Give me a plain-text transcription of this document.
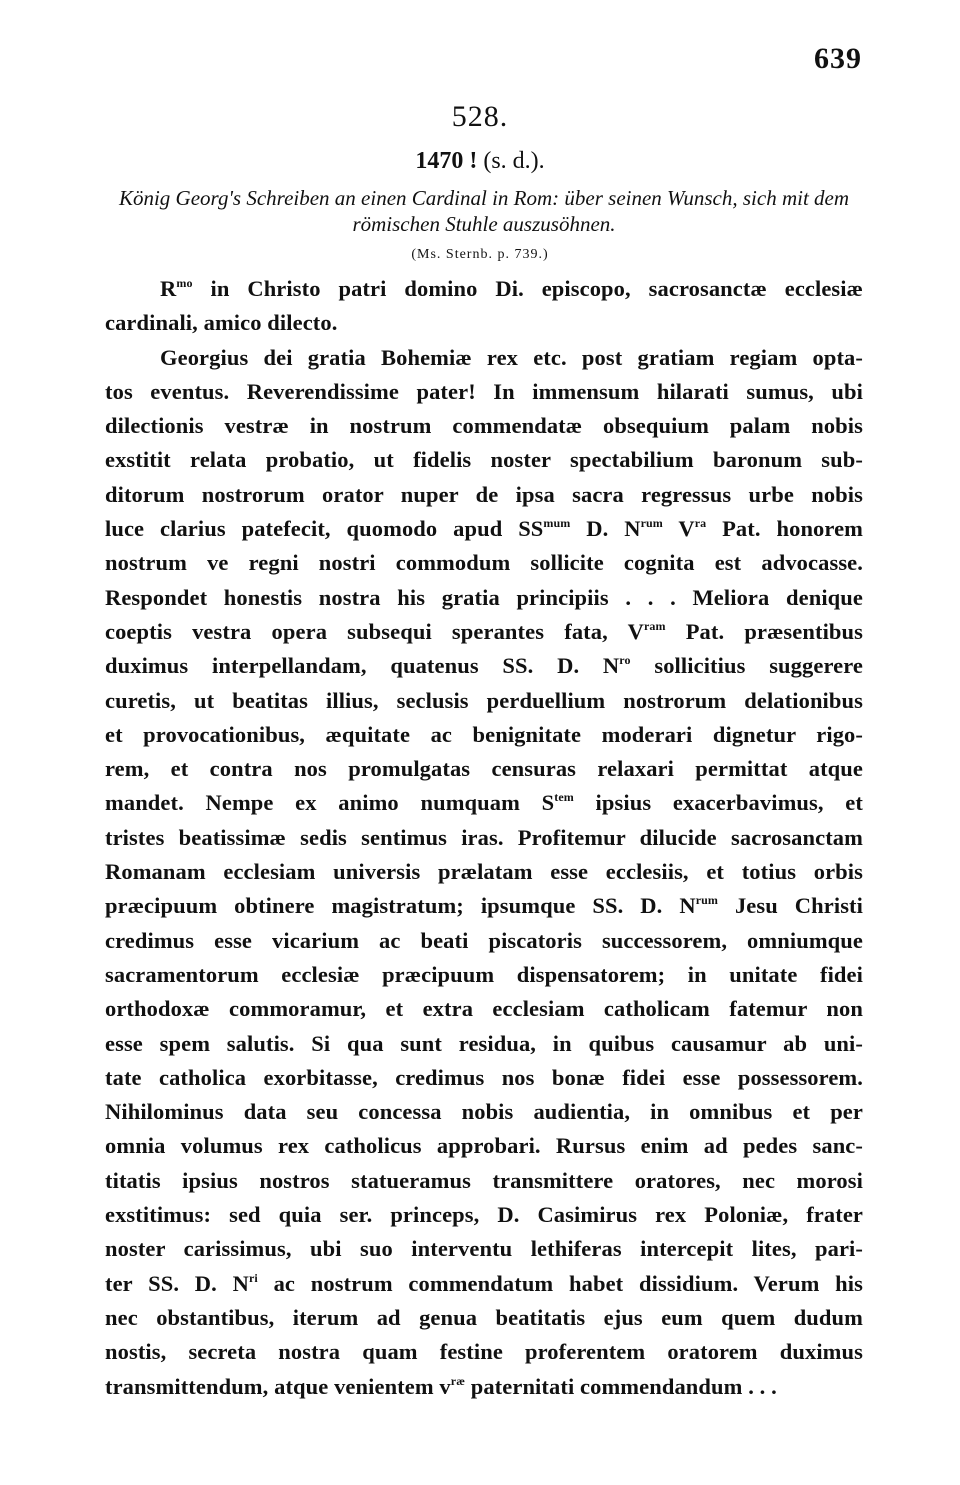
639
528.
1470 ! (s. d.).
König Georg's Schreiben an einen Cardinal in Rom: über seinen Wunsch, sich mit dem römischen Stuhle auszusöhnen.
(Ms. Sternb. p. 739.)
$R^{mo}$ in Christo patri domino Di. episcopo, sacrosanctæ ecclesiæ
cardinali, amico dilecto.
Georgius dei gratia Bohemiæ rex etc. post gratiam regiam opta-
tos eventus. Reverendissime pater! In immensum hilarati sumus, ubi
dilectionis vestræ in nostrum commendatæ obsequium palam nobis
exstitit relata probatio, ut fidelis noster spectabilium baronum sub-
ditorum nostrorum orator nuper de ipsa sacra regressus urbe nobis
luce clarius patefecit, quomodo apud $SS^{mum}$ D. $N^{rum}$ $V^{ra}$ Pat. honorem
nostrum ve regni nostri commodum sollicite cognita est advocasse.
Respondet honestis nostra his gratia principiis . . . Meliora denique
coeptis vestra opera subsequi sperantes fata, $V^{ram}$ Pat. præsentibus
duximus interpellandam, quatenus SS. D. $N^{ro}$ sollicitius suggerere
curetis, ut beatitas illius, seclusis perduellium nostrorum delationibus
et provocationibus, æquitate ac benignitate moderari dignetur rigo-
rem, et contra nos promulgatas censuras relaxari permittat atque
mandet. Nempe ex animo numquam $S^{tem}$ ipsius exacerbavimus, et
tristes beatissimæ sedis sentimus iras. Profitemur dilucide sacrosanctam
Romanam ecclesiam universis prælatam esse ecclesiis, et totius orbis
præcipuum obtinere magistratum; ipsumque SS. D. $N^{rum}$ Jesu Christi
credimus esse vicarium ac beati piscatoris successorem, omniumque
sacramentorum ecclesiæ præcipuum dispensatorem; in unitate fidei
orthodoxæ commoramur, et extra ecclesiam catholicam fatemur non
esse spem salutis. Si qua sunt residua, in quibus causamur ab uni-
tate catholica exorbitasse, credimus nos bonæ fidei esse possessorem.
Nihilominus data seu concessa nobis audientia, in omnibus et per
omnia volumus rex catholicus approbari. Rursus enim ad pedes sanc-
titatis ipsius nostros statueramus transmittere oratores, nec morosi
exstitimus: sed quia ser. princeps, D. Casimirus rex Poloniæ, frater
noster carissimus, ubi suo interventu lethiferas intercepit lites, pari-
ter SS. D. $N^{ri}$ ac nostrum commendatum habet dissidium. Verum his
nec obstantibus, iterum ad genua beatitatis ejus eum quem dudum
nostis, secreta nostra quam festine proferentem oratorem duximus
transmittendum, atque venientem $v^{ræ}$ paternitati commendandum . . .
